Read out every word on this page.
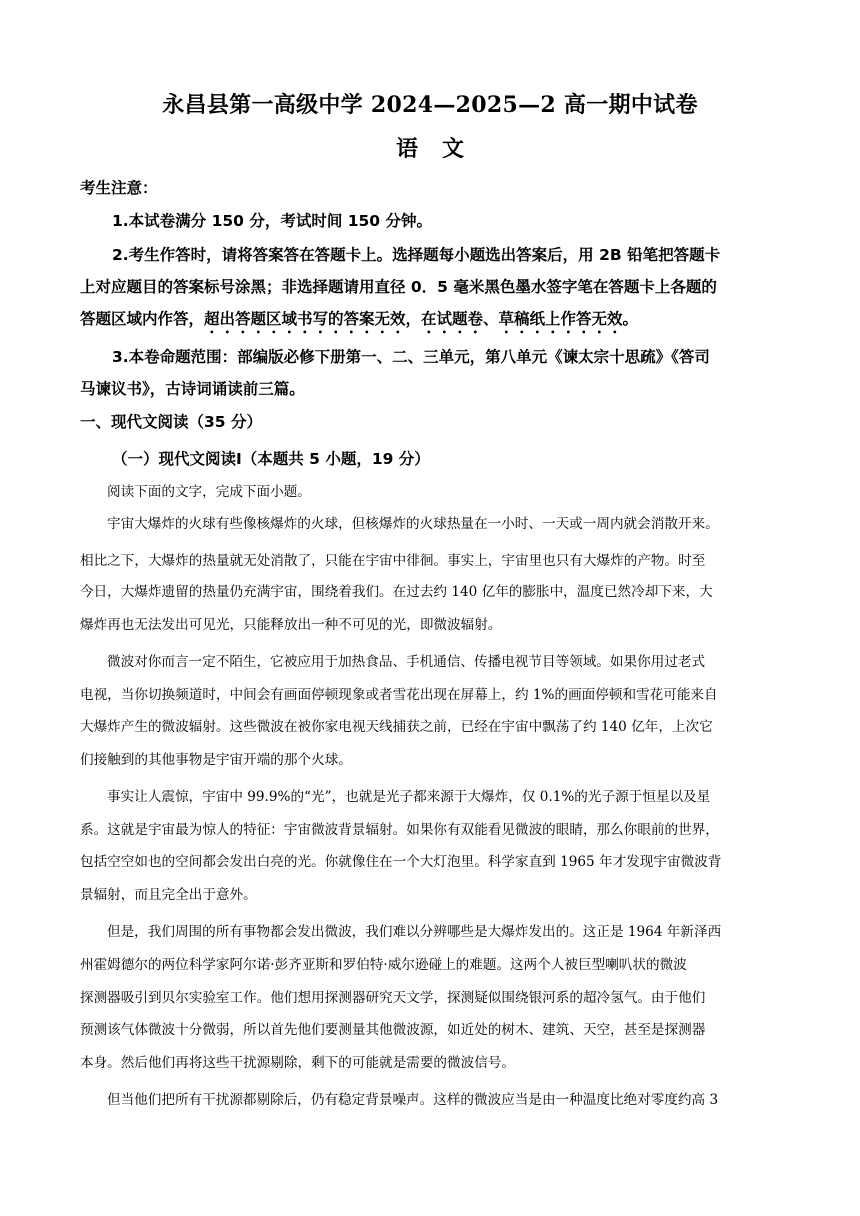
永昌县第一高级中学 2024—2025—2 高一期中试卷
语文
考生注意：
1.本试卷满分 150 分，考试时间 150 分钟。
2.考生作答时，请将答案答在答题卡上。选择题每小题选出答案后，用 2B 铅笔把答题卡
上对应题目的答案标号涂黑；非选择题请用直径 0．5 毫米黑色墨水签字笔在答题卡上各题的
答题区域内作答，超出答题区域书写的答案无效，在试题卷、草稿纸上作答无效。
3.本卷命题范围：部编版必修下册第一、二、三单元，第八单元《谏太宗十思疏》《答司
马谏议书》，古诗词诵读前三篇。
一、现代文阅读（35 分）
（一）现代文阅读Ⅰ（本题共 5 小题，19 分）
阅读下面的文字，完成下面小题。
宇宙大爆炸的火球有些像核爆炸的火球，但核爆炸的火球热量在一小时、一天或一周内就会消散开来。
相比之下，大爆炸的热量就无处消散了，只能在宇宙中徘徊。事实上，宇宙里也只有大爆炸的产物。时至
今日，大爆炸遗留的热量仍充满宇宙，围绕着我们。在过去约 140 亿年的膨胀中，温度已然冷却下来，大
爆炸再也无法发出可见光，只能释放出一种不可见的光，即微波辐射。
微波对你而言一定不陌生，它被应用于加热食品、手机通信、传播电视节目等领域。如果你用过老式
电视，当你切换频道时，中间会有画面停顿现象或者雪花出现在屏幕上，约 1%的画面停顿和雪花可能来自
大爆炸产生的微波辐射。这些微波在被你家电视天线捕获之前，已经在宇宙中飘荡了约 140 亿年，上次它
们接触到的其他事物是宇宙开端的那个火球。
事实让人震惊，宇宙中 99.9%的“光”，也就是光子都来源于大爆炸，仅 0.1%的光子源于恒星以及星
系。这就是宇宙最为惊人的特征：宇宙微波背景辐射。如果你有双能看见微波的眼睛，那么你眼前的世界，
包括空空如也的空间都会发出白亮的光。你就像住在一个大灯泡里。科学家直到 1965 年才发现宇宙微波背
景辐射，而且完全出于意外。
但是，我们周围的所有事物都会发出微波，我们难以分辨哪些是大爆炸发出的。这正是 1964 年新泽西
州霍姆德尔的两位科学家阿尔诺·彭齐亚斯和罗伯特·威尔逊碰上的难题。这两个人被巨型喇叭状的微波
探测器吸引到贝尔实验室工作。他们想用探测器研究天文学，探测疑似围绕银河系的超冷氢气。由于他们
预测该气体微波十分微弱，所以首先他们要测量其他微波源，如近处的树木、建筑、天空，甚至是探测器
本身。然后他们再将这些干扰源剔除，剩下的可能就是需要的微波信号。
但当他们把所有干扰源都剔除后，仍有稳定背景噪声。这样的微波应当是由一种温度比绝对零度约高 3
